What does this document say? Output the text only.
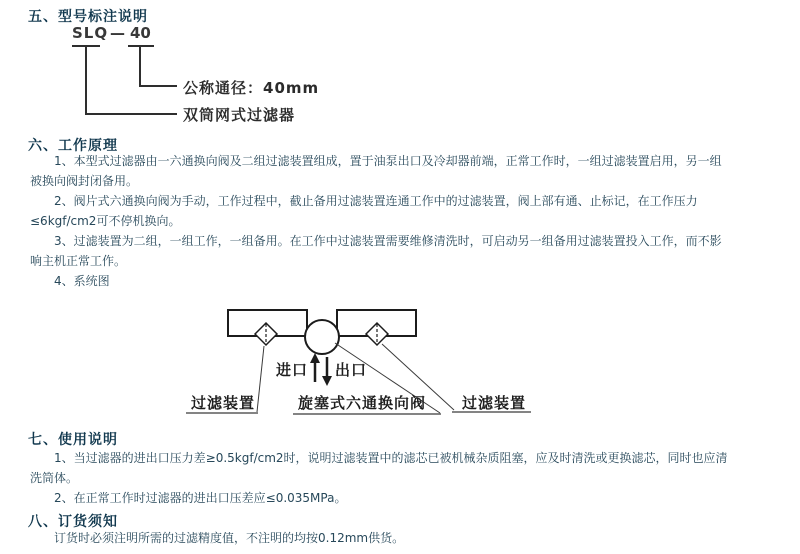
五、型号标注说明
SLQ — 40
公称通径：40mm
双筒网式过滤器
六、工作原理

1、本型式过滤器由一六通换向阀及二组过滤装置组成，置于油泵出口及冷却器前端，正常工作时，一组过滤装置启用，另一组被换向阀封闭备用。

2、阀片式六通换向阀为手动，工作过程中，截止备用过滤装置连通工作中的过滤装置，阀上部有通、止标记，在工作压力≤6kgf/cm2可不停机换向。

3、过滤装置为二组，一组工作，一组备用。在工作中过滤装置需要维修清洗时，可启动另一组备用过滤装置投入工作，而不影响主机正常工作。

4、系统图

进口 出口
过滤装置	旋塞式六通换向阀 过滤装置
七、使用说明

1、当过滤器的进出口压力差≥0.5kgf/cm2时，说明过滤装置中的滤芯已被机械杂质阻塞，应及时清洗或更换滤芯，同时也应清洗筒体。

2、在正常工作时过滤器的进出口压差应≤0.035MPa。

八、订货须知

订货时必须注明所需的过滤精度值，不注明的均按0.12mm供货。
